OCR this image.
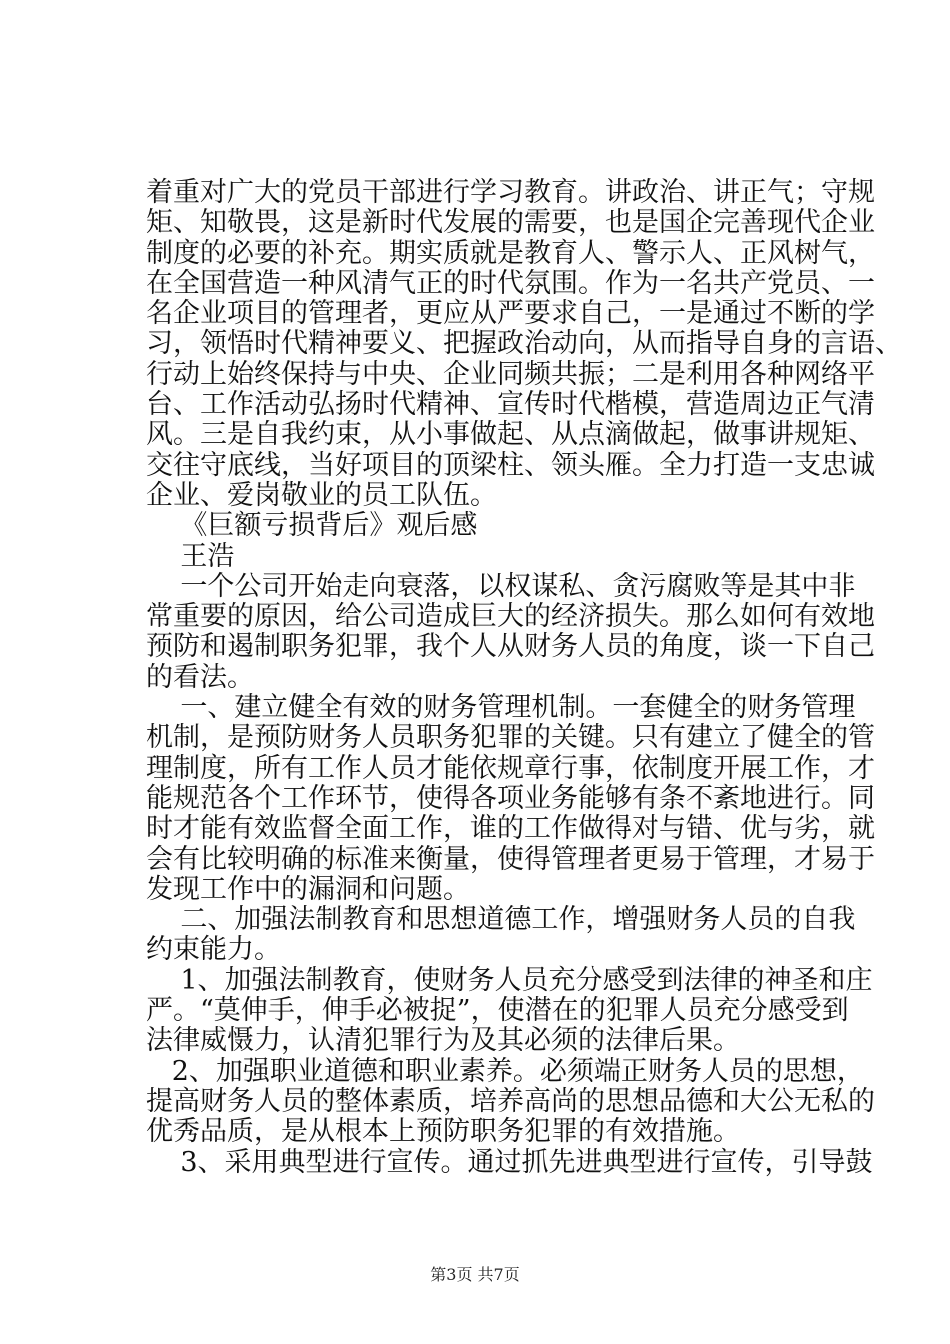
着重对广大的党员干部进行学习教育。讲政治、讲正气；守规
矩、知敬畏，这是新时代发展的需要，也是国企完善现代企业
制度的必要的补充。期实质就是教育人、警示人、正风树气，
在全国营造一种风清气正的时代氛围。作为一名共产党员、一
名企业项目的管理者，更应从严要求自己，一是通过不断的学
习，领悟时代精神要义、把握政治动向，从而指导自身的言语、
行动上始终保持与中央、企业同频共振；二是利用各种网络平
台、工作活动弘扬时代精神、宣传时代楷模，营造周边正气清
风。三是自我约束，从小事做起、从点滴做起，做事讲规矩、
交往守底线，当好项目的顶梁柱、领头雁。全力打造一支忠诚
企业、爱岗敬业的员工队伍。
《巨额亏损背后》观后感
王浩
一个公司开始走向衰落，以权谋私、贪污腐败等是其中非
常重要的原因，给公司造成巨大的经济损失。那么如何有效地
预防和遏制职务犯罪，我个人从财务人员的角度，谈一下自己
的看法。
一、建立健全有效的财务管理机制。一套健全的财务管理
机制，是预防财务人员职务犯罪的关键。只有建立了健全的管
理制度，所有工作人员才能依规章行事，依制度开展工作，才
能规范各个工作环节，使得各项业务能够有条不紊地进行。同
时才能有效监督全面工作，谁的工作做得对与错、优与劣，就
会有比较明确的标准来衡量，使得管理者更易于管理，才易于
发现工作中的漏洞和问题。
二、加强法制教育和思想道德工作，增强财务人员的自我
约束能力。
1、加强法制教育，使财务人员充分感受到法律的神圣和庄
严。“莫伸手，伸手必被捉”，使潜在的犯罪人员充分感受到
法律威慑力，认清犯罪行为及其必须的法律后果。
2、加强职业道德和职业素养。必须端正财务人员的思想，
提高财务人员的整体素质，培养高尚的思想品德和大公无私的
优秀品质，是从根本上预防职务犯罪的有效措施。
3、采用典型进行宣传。通过抓先进典型进行宣传，引导鼓
第3页 共7页
